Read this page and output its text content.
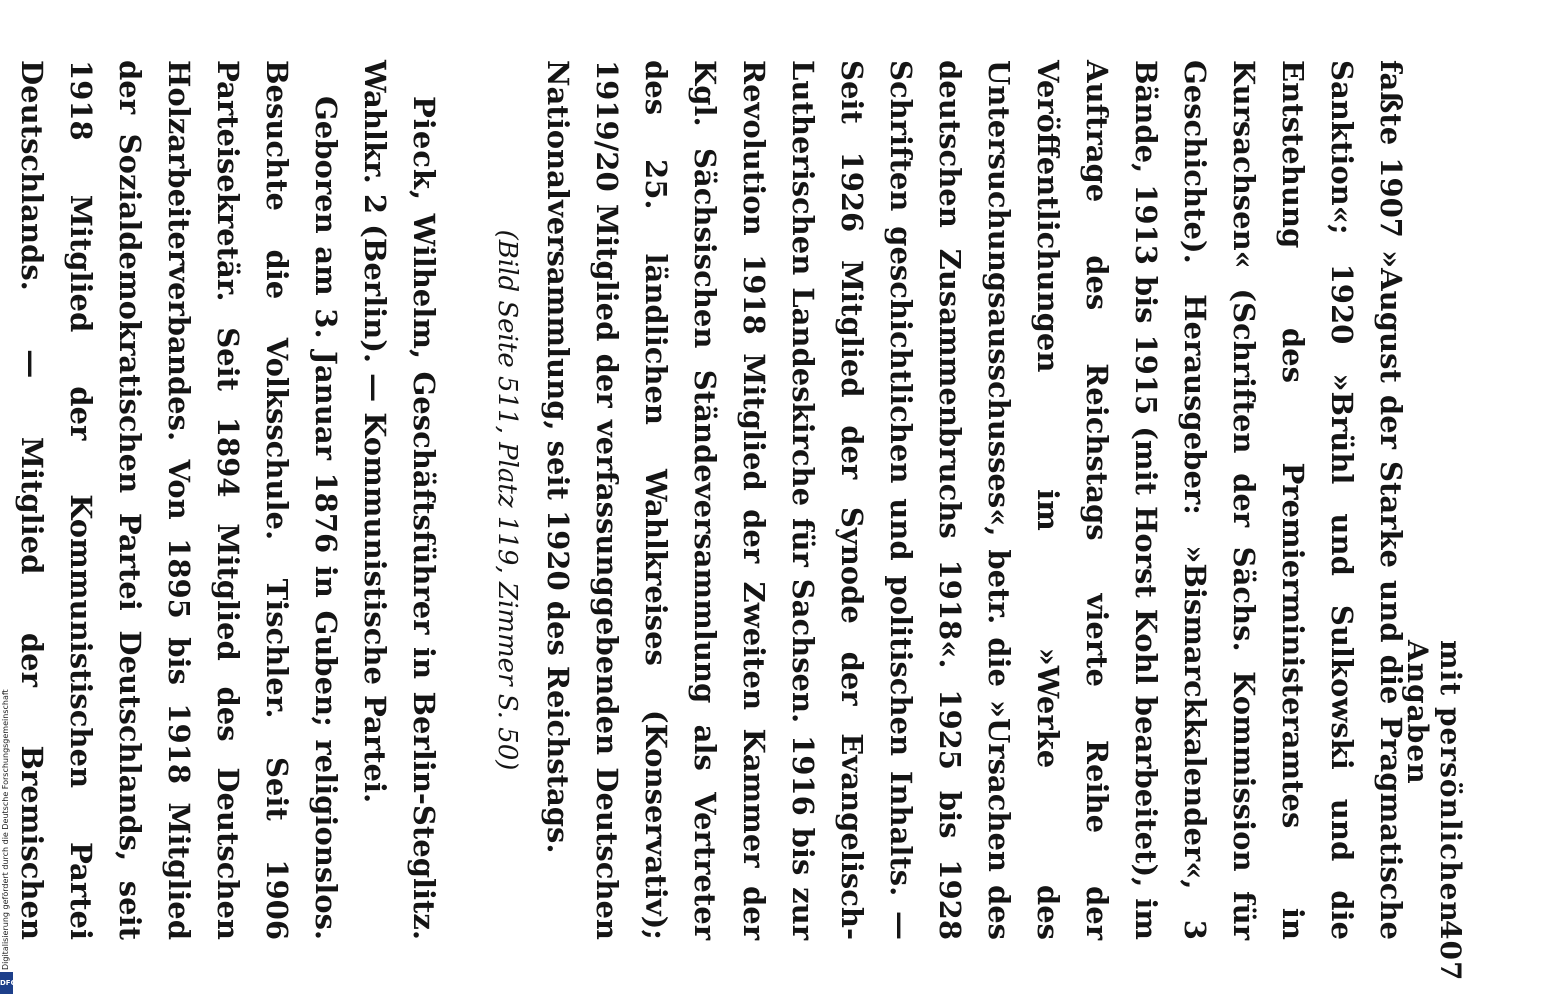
mit persönlichen Angaben
407

faßte 1907 »August der Starke und die Pragmatische Sanktion«; 1920 »Brühl und Sulkowski und die Entstehung des Premierministeramtes in Kursachsen« (Schriften der Sächs. Kommission für Geschichte). Herausgeber: »Bismarckkalender«, 3 Bände, 1913 bis 1915 (mit Horst Kohl bearbeitet), im Auftrage des Reichstags vierte Reihe der Veröffentlichungen im »Werke des Untersuchungsausschusses«, betr. die »Ursachen des deutschen Zusammenbruchs 1918«. 1925 bis 1928 Schriften geschichtlichen und politischen Inhalts. — Seit 1926 Mitglied der Synode der Evangelisch-Lutherischen Landeskirche für Sachsen. 1916 bis zur Revolution 1918 Mitglied der Zweiten Kammer der Kgl. Sächsischen Ständeversammlung als Vertreter des 25. ländlichen Wahlkreises (Konservativ); 1919/20 Mitglied der verfassunggebenden Deutschen Nationalversammlung, seit 1920 des Reichstags.

(Bild Seite 511, Platz 119, Zimmer S. 50)

Pieck, Wilhelm, Geschäftsführer in Berlin-Steglitz. Wahlkr. 2 (Berlin). — Kommunistische Partei.

Geboren am 3. Januar 1876 in Guben; religionslos. Besuchte die Volksschule. Tischler. Seit 1906 Parteisekretär. Seit 1894 Mitglied des Deutschen Holzarbeiterverbandes. Von 1895 bis 1918 Mitglied der Sozialdemokratischen Partei Deutschlands, seit 1918 Mitglied der Kommunistischen Partei Deutschlands. — Mitglied der Bremischen

Digitalisierung gefördert durch die Deutsche Forschungsgemeinschaft
DFG
